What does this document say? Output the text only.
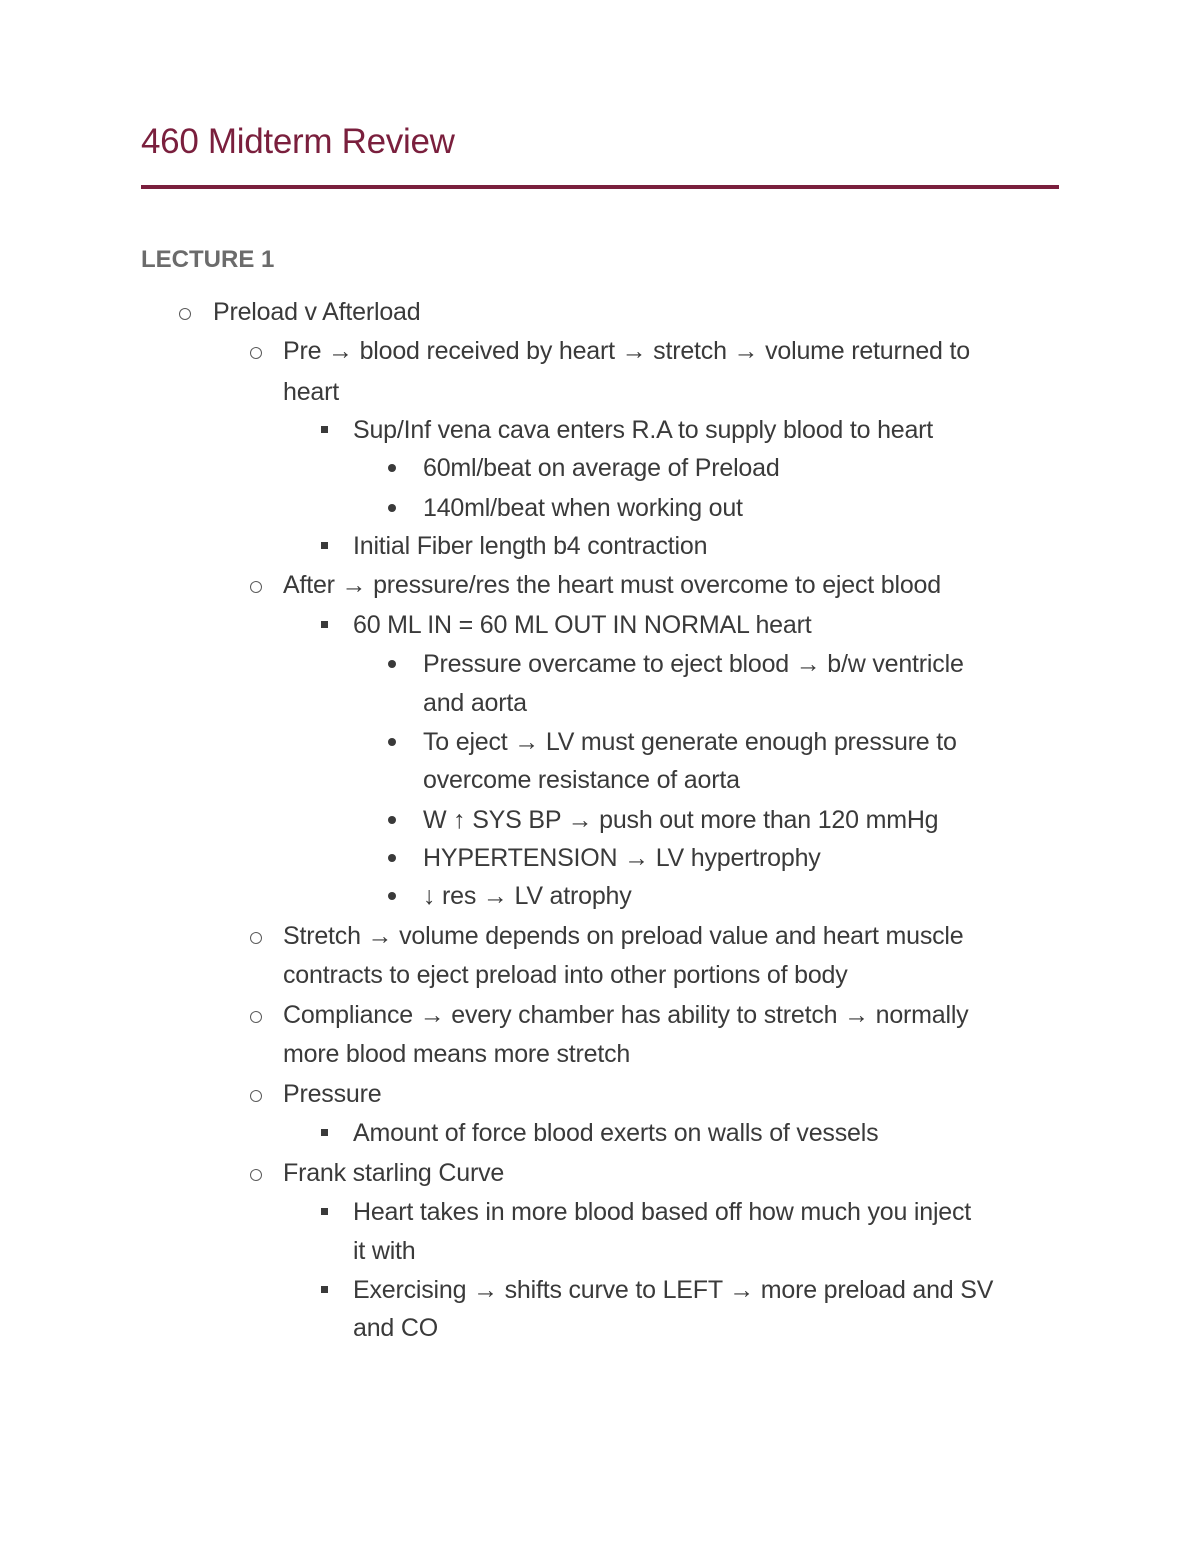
460 Midterm Review
LECTURE 1
Preload v Afterload
Pre → blood received by heart → stretch → volume returned to
heart
Sup/Inf vena cava enters R.A to supply blood to heart
60ml/beat on average of Preload
140ml/beat when working out
Initial Fiber length b4 contraction
After → pressure/res the heart must overcome to eject blood
60 ML IN = 60 ML OUT IN NORMAL heart
Pressure overcame to eject blood → b/w ventricle
and aorta
To eject → LV must generate enough pressure to
overcome resistance of aorta
W ↑ SYS BP → push out more than 120 mmHg
HYPERTENSION → LV hypertrophy
↓ res → LV atrophy
Stretch → volume depends on preload value and heart muscle
contracts to eject preload into other portions of body
Compliance → every chamber has ability to stretch → normally
more blood means more stretch
Pressure
Amount of force blood exerts on walls of vessels
Frank starling Curve
Heart takes in more blood based off how much you inject
it with
Exercising → shifts curve to LEFT → more preload and SV
and CO
